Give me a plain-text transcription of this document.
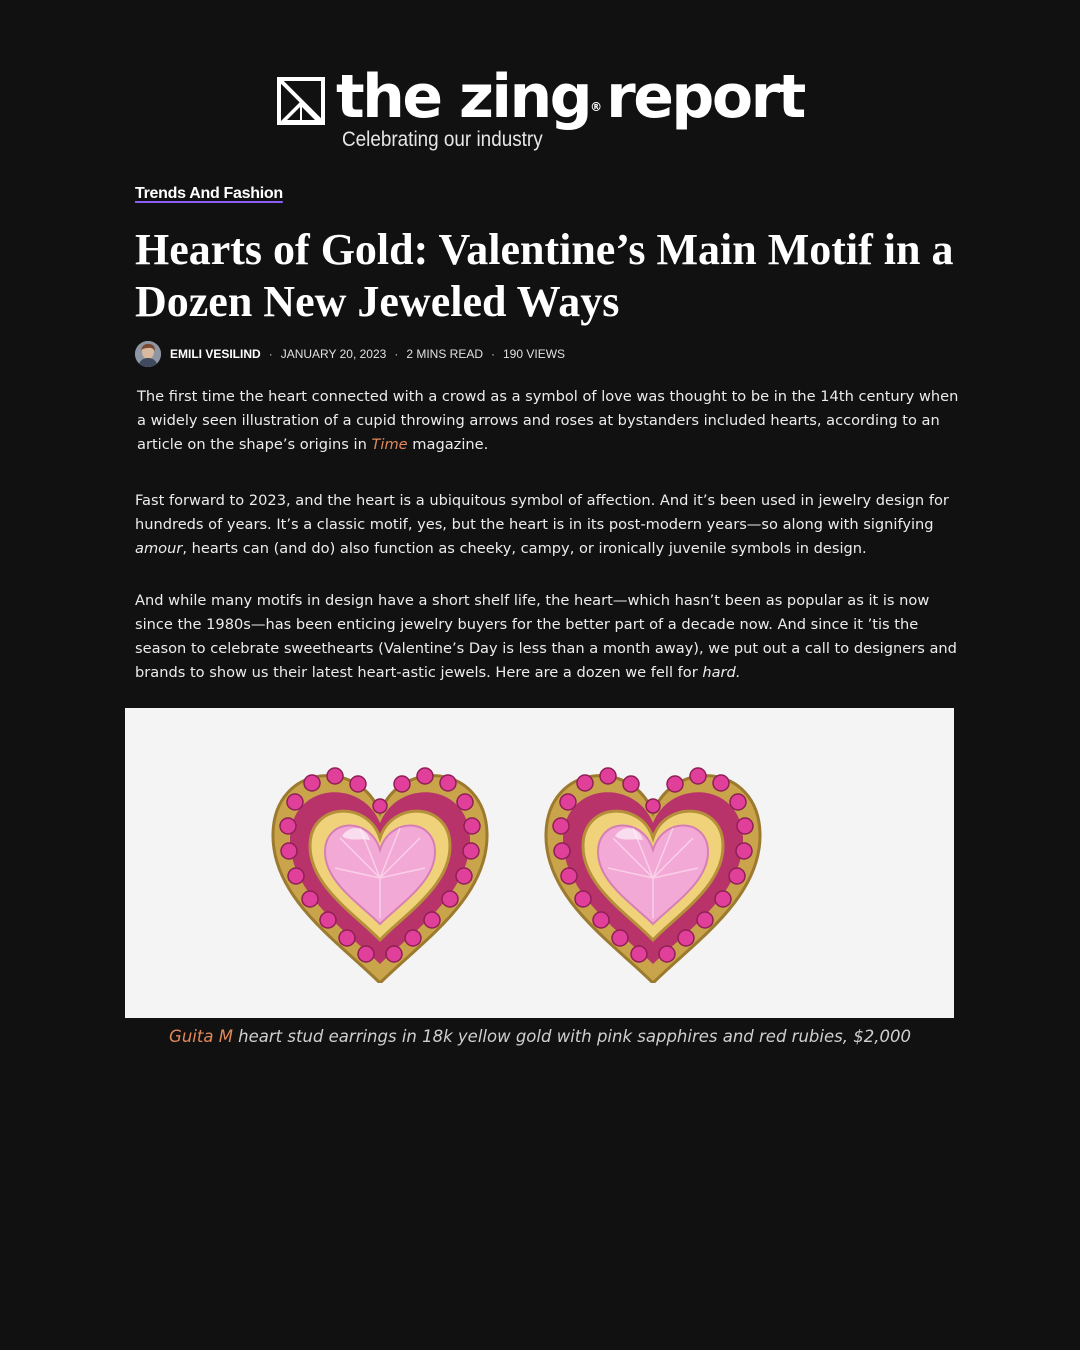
the zing®report
Celebrating our industry
Trends And Fashion
Hearts of Gold: Valentine’s Main Motif in a Dozen New Jeweled Ways
EMILI VESILIND · JANUARY 20, 2023 · 2 MINS READ · 190 VIEWS

The first time the heart connected with a crowd as a symbol of love was thought to be in the 14th century when a widely seen illustration of a cupid throwing arrows and roses at bystanders included hearts, according to an article on the shape’s origins in Time magazine.

Fast forward to 2023, and the heart is a ubiquitous symbol of affection. And it’s been used in jewelry design for hundreds of years. It’s a classic motif, yes, but the heart is in its post-modern years—so along with signifying amour, hearts can (and do) also function as cheeky, campy, or ironically juvenile symbols in design.

And while many motifs in design have a short shelf life, the heart—which hasn’t been as popular as it is now since the 1980s—has been enticing jewelry buyers for the better part of a decade now. And since it ’tis the season to celebrate sweethearts (Valentine’s Day is less than a month away), we put out a call to designers and brands to show us their latest heart-astic jewels. Here are a dozen we fell for hard.

Guita M heart stud earrings in 18k yellow gold with pink sapphires and red rubies, $2,000
